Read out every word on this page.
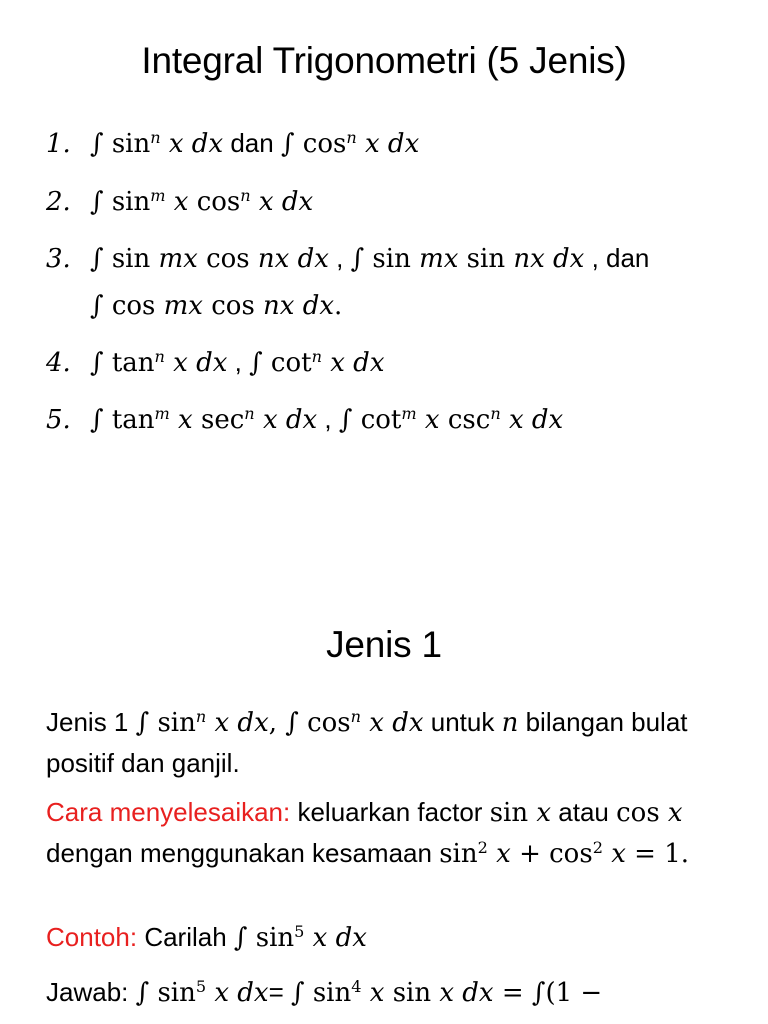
Integral Trigonometri (5 Jenis)
1. ∫ $\sin^n x$ dx dan ∫ $\cos^n x$ dx
2. ∫ $\sin^m x$ $\cos^n x$ dx
3. ∫ sin mx cos nx dx , ∫ sin mx sin nx dx , dan
∫ cos mx cos nx dx.
4. ∫ $\tan^n x$ dx , ∫ $\cot^n x$ dx
5. ∫ $\tan^m x$ $\sec^n x$ dx , ∫ $\cot^m x$ $\csc^n x$ dx
Jenis 1
Jenis 1 ∫ $\sin^n x$ dx, ∫ $\cos^n x$ dx untuk n bilangan bulat positif dan ganjil.
Cara menyelesaikan: keluarkan factor sin x atau cos x dengan menggunakan kesamaan $\sin^2 x + \cos^2 x = 1$.
Contoh: Carilah ∫ $\sin^5 x$ dx
Jawab: ∫ $\sin^5 x$ dx= ∫ $\sin^4 x$ sin x dx = ∫(1 −
